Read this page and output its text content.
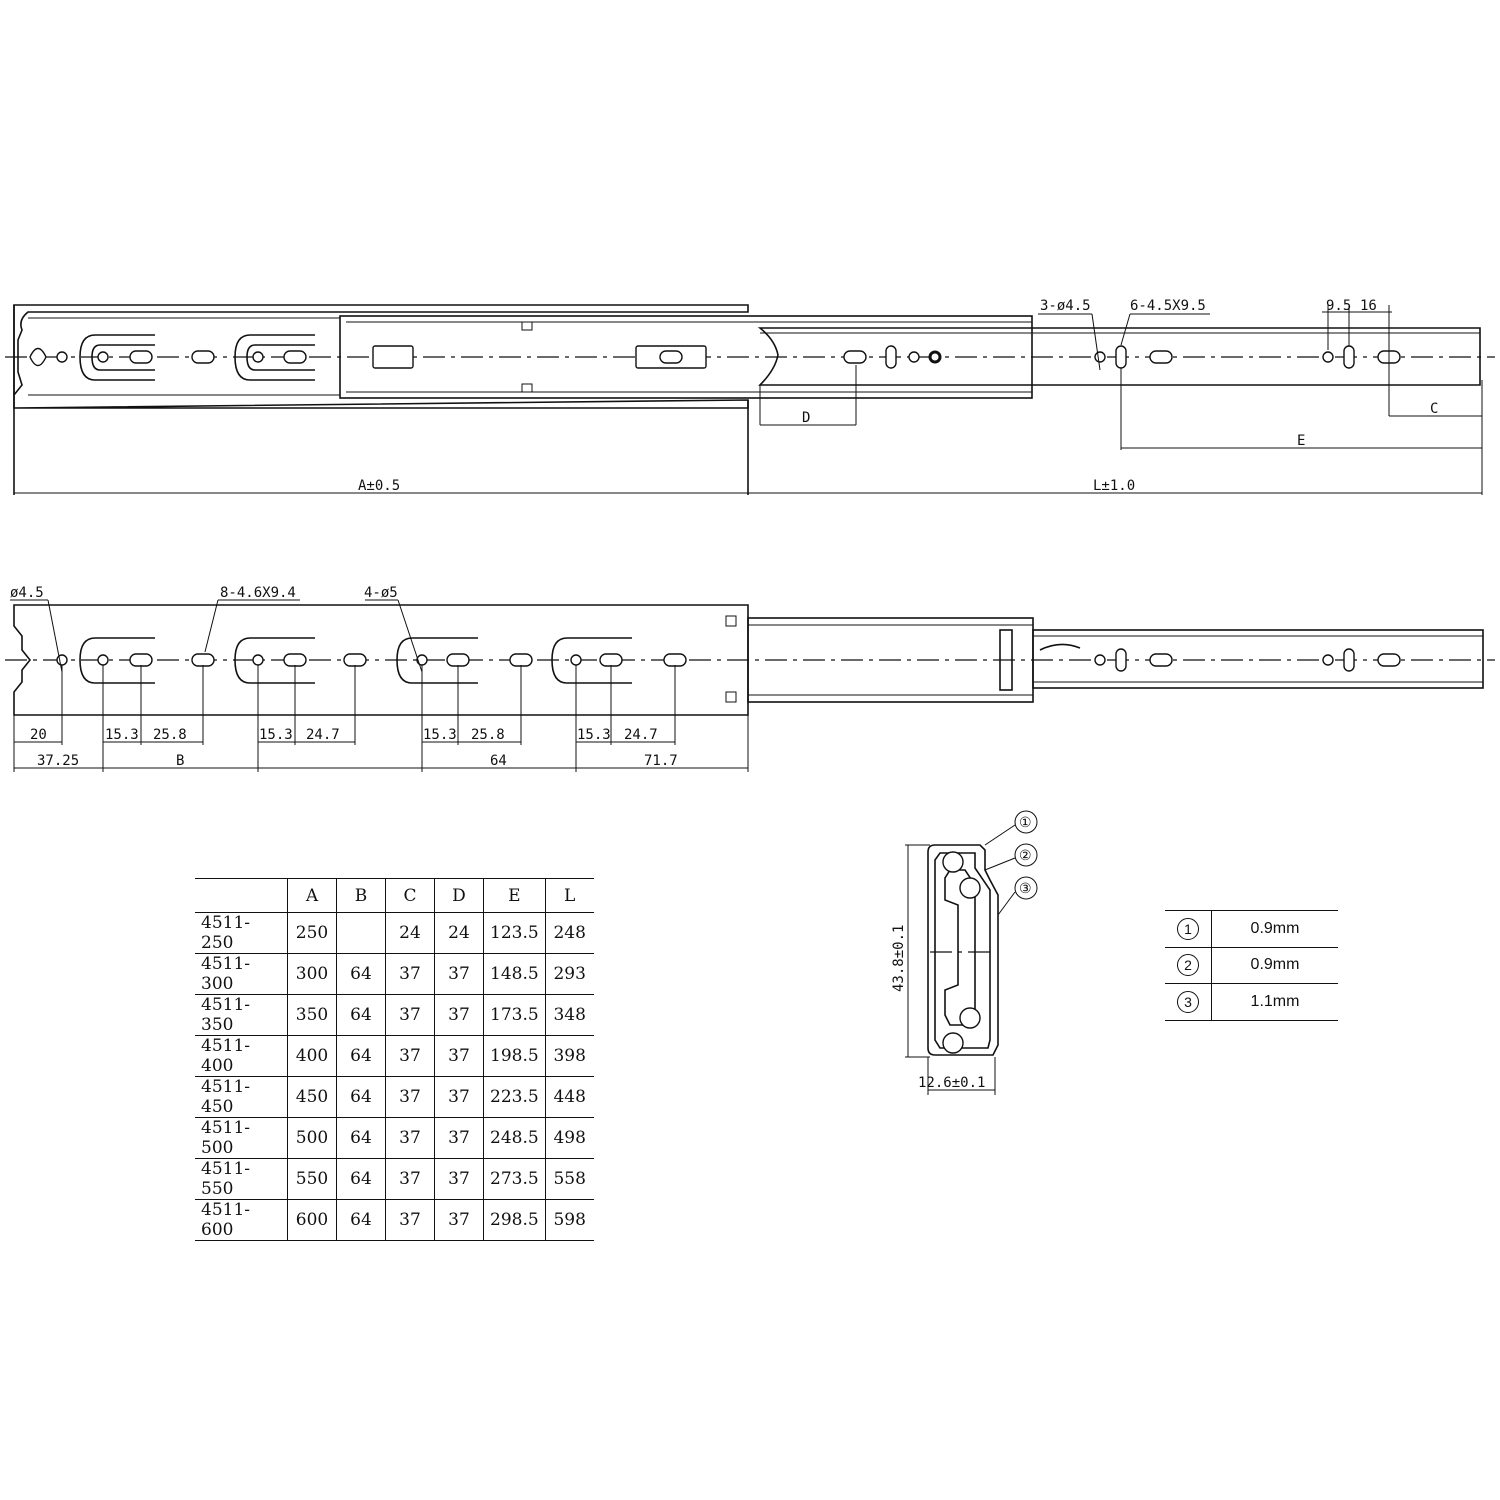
3-ø4.5	6-4.5X9.5	9.5 16
C
D
E
A±0.5	L±1.0
ø4.5	8-4.6X9.4	4-ø5
20	15.3 25.8	15.3 24.7	15.3 25.8	15.3 24.7
37.25	B	64	71.7
43.8±0.1
12.6±0.1
①
②
③
	A	B	C	D	E	L
4511-250	250		24	24	123.5	248
4511-300	300	64	37	37	148.5	293
4511-350	350	64	37	37	173.5	348
4511-400	400	64	37	37	198.5	398
4511-450	450	64	37	37	223.5	448
4511-500	500	64	37	37	248.5	498
4511-550	550	64	37	37	273.5	558
4511-600	600	64	37	37	298.5	598
1	0.9mm
2	0.9mm
3	1.1mm
